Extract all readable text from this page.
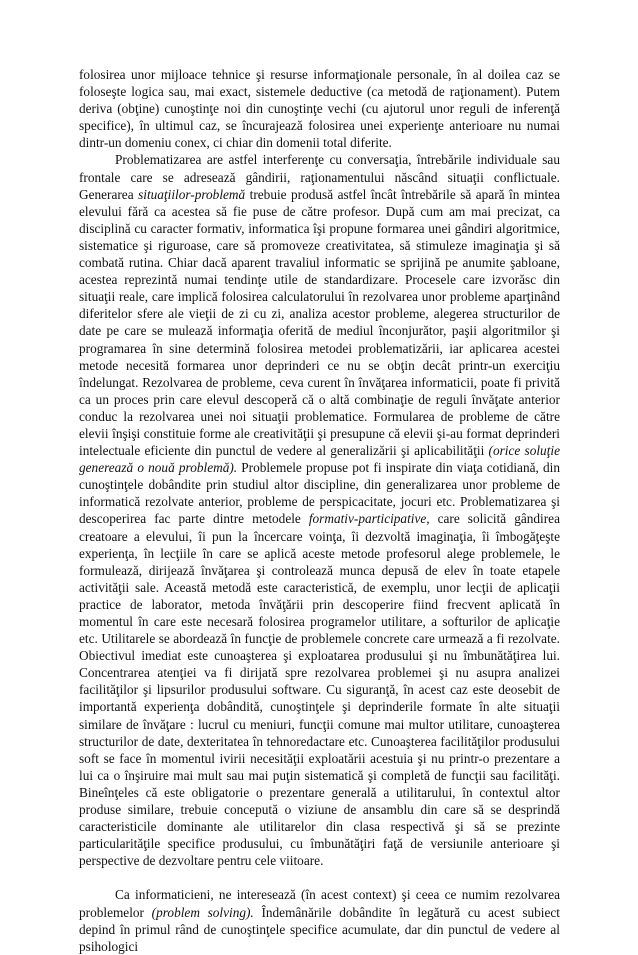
folosirea unor mijloace tehnice şi resurse informaţionale personale, în al doilea caz se foloseşte logica sau, mai exact, sistemele deductive (ca metodă de raţionament). Putem deriva (obţine) cunoştinţe noi din cunoştinţe vechi (cu ajutorul unor reguli de inferenţă specifice), în ultimul caz, se încurajează folosirea unei experienţe anterioare nu numai dintr-un domeniu conex, ci chiar din domenii total diferite.

Problematizarea are astfel interferenţe cu conversaţia, întrebările individuale sau frontale care se adresează gândirii, raţionamentului născând situaţii conflictuale. Generarea situaţiilor-problemă trebuie produsă astfel încât întrebările să apară în mintea elevului fără ca acestea să fie puse de către profesor. După cum am mai precizat, ca disciplină cu caracter formativ, informatica îşi propune formarea unei gândiri algoritmice, sistematice şi riguroase, care să promoveze creativitatea, să stimuleze imaginaţia şi să combată rutina. Chiar dacă aparent travaliul informatic se sprijină pe anumite şabloane, acestea reprezintă numai tendinţe utile de standardizare. Procesele care izvorăsc din situaţii reale, care implică folosirea calculatorului în rezolvarea unor probleme aparţinând diferitelor sfere ale vieţii de zi cu zi, analiza acestor probleme, alegerea structurilor de date pe care se mulează informaţia oferită de mediul înconjurător, paşii algoritmilor şi programarea în sine determină folosirea metodei problematizării, iar aplicarea acestei metode necesită formarea unor deprinderi ce nu se obţin decât printr-un exerciţiu îndelungat. Rezolvarea de probleme, ceva curent în învăţarea informaticii, poate fi privită ca un proces prin care elevul descoperă că o altă combinaţie de reguli învăţate anterior conduc la rezolvarea unei noi situaţii problematice. Formularea de probleme de către elevii înşişi constituie forme ale creativităţii şi presupune că elevii şi-au format deprinderi intelectuale eficiente din punctul de vedere al generalizării şi aplicabilităţii (orice soluţie generează o nouă problemă). Problemele propuse pot fi inspirate din viaţa cotidiană, din cunoştinţele dobândite prin studiul altor discipline, din generalizarea unor probleme de informatică rezolvate anterior, probleme de perspicacitate, jocuri etc. Problematizarea şi descoperirea fac parte dintre metodele formativ-participative, care solicită gândirea creatoare a elevului, îi pun la încercare voinţa, îi dezvoltă imaginaţia, îi îmbogăţeşte experienţa, în lecţiile în care se aplică aceste metode profesorul alege problemele, le formulează, dirijează învăţarea şi controlează munca depusă de elev în toate etapele activităţii sale. Această metodă este caracteristică, de exemplu, unor lecţii de aplicaţii practice de laborator, metoda învăţării prin descoperire fiind frecvent aplicată în momentul în care este necesară folosirea programelor utilitare, a softurilor de aplicaţie etc. Utilitarele se abordează în funcţie de problemele concrete care urmează a fi rezolvate. Obiectivul imediat este cunoaşterea şi exploatarea produsului şi nu îmbunătăţirea lui. Concentrarea atenţiei va fi dirijată spre rezolvarea problemei şi nu asupra analizei facilităţilor şi lipsurilor produsului software. Cu siguranţă, în acest caz este deosebit de importantă experienţa dobândită, cunoştinţele şi deprinderile formate în alte situaţii similare de învăţare : lucrul cu meniuri, funcţii comune mai multor utilitare, cunoaşterea structurilor de date, dexteritatea în tehnoredactare etc. Cunoaşterea facilităţilor produsului soft se face în momentul ivirii necesităţii exploatării acestuia şi nu printr-o prezentare a lui ca o înşiruire mai mult sau mai puţin sistematică şi completă de funcţii sau facilităţi. Bineînţeles că este obligatorie o prezentare generală a utilitarului, în contextul altor produse similare, trebuie concepută o viziune de ansamblu din care să se desprindă caracteristicile dominante ale utilitarelor din clasa respectivă şi să se prezinte particularităţile specifice produsului, cu îmbunătăţiri faţă de versiunile anterioare şi perspective de dezvoltare pentru cele viitoare.

Ca informaticieni, ne interesează (în acest context) şi ceea ce numim rezolvarea problemelor (problem solving). Îndemânările dobândite în legătură cu acest subiect depind în primul rând de cunoştinţele specifice acumulate, dar din punctul de vedere al psihologici
